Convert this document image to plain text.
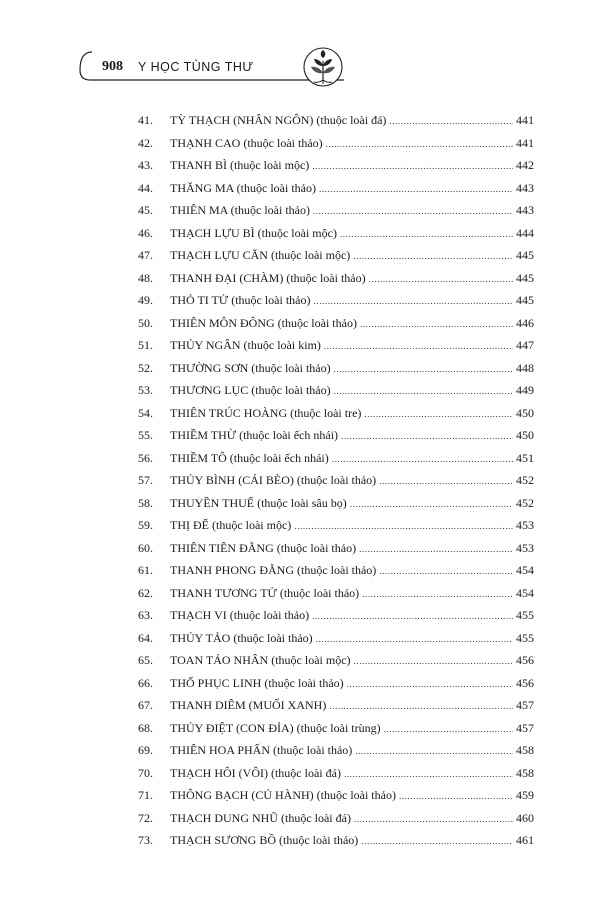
908 Y HỌC TÙNG THƯ
41.	TỲ THẠCH (NHÂN NGÔN) (thuộc loài đá) .....	441
42.	THẠNH CAO (thuộc loài thảo) .....	441
43.	THANH BÌ (thuộc loài mộc) .....	442
44.	THĂNG MA (thuộc loài thảo) .....	443
45.	THIÊN MA (thuộc loài thảo) .....	443
46.	THẠCH LỰU BÌ (thuộc loài mộc) .....	444
47.	THẠCH LỰU CĂN (thuộc loài mộc) .....	445
48.	THANH ĐẠI (CHÀM) (thuộc loài thảo) .....	445
49.	THỎ TI TỬ (thuộc loài thảo) .....	445
50.	THIÊN MÔN ĐÔNG (thuộc loài thảo) .....	446
51.	THỦY NGÂN (thuộc loài kim) .....	447
52.	THƯỜNG SƠN (thuộc loài thảo) .....	448
53.	THƯƠNG LỤC (thuộc loài thảo) .....	449
54.	THIÊN TRÚC HOÀNG (thuộc loài tre) .....	450
55.	THIỀM THỪ (thuộc loài ếch nhái) .....	450
56.	THIỀM TÔ (thuộc loài ếch nhái) .....	451
57.	THỦY BÌNH (CÁI BÈO) (thuộc loài thảo) .....	452
58.	THUYỀN THUẾ (thuộc loài sâu bọ) .....	452
59.	THỊ ĐẾ (thuộc loài mộc) .....	453
60.	THIÊN TIÊN ĐẰNG (thuộc loài thảo) .....	453
61.	THANH PHONG ĐẰNG (thuộc loài thảo) .....	454
62.	THANH TƯƠNG TỬ (thuộc loài thảo) .....	454
63.	THẠCH VI (thuộc loài thảo) .....	455
64.	THỦY TẢO (thuộc loài thảo) .....	455
65.	TOAN TÁO NHÂN (thuộc loài mộc) .....	456
66.	THỔ PHỤC LINH (thuộc loài thảo) .....	456
67.	THANH DIÊM (MUỐI XANH) .....	457
68.	THỦY ĐIỆT (CON ĐỈA) (thuộc loài trùng) .....	457
69.	THIÊN HOA PHẤN (thuộc loài thảo) .....	458
70.	THẠCH HÔI (VÔI) (thuộc loài đá) .....	458
71.	THÔNG BẠCH (CỦ HÀNH) (thuộc loài thảo) .....	459
72.	THẠCH DUNG NHŨ (thuộc loài đá) .....	460
73.	THẠCH SƯƠNG BỒ (thuộc loài thảo) .....	461
